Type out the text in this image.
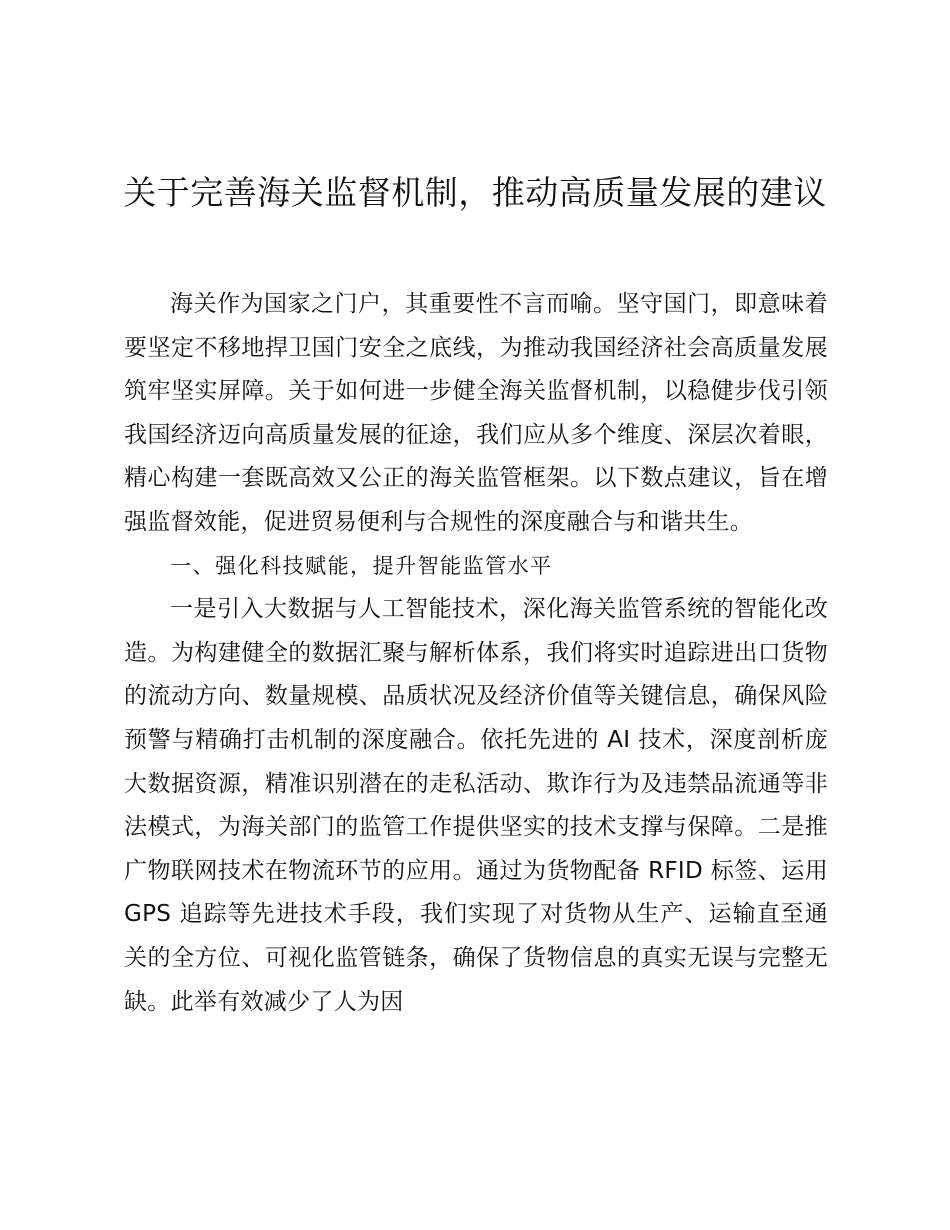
关于完善海关监督机制，推动高质量发展的建议

海关作为国家之门户，其重要性不言而喻。坚守国门，即意味着要坚定不移地捍卫国门安全之底线，为推动我国经济社会高质量发展筑牢坚实屏障。关于如何进一步健全海关监督机制，以稳健步伐引领我国经济迈向高质量发展的征途，我们应从多个维度、深层次着眼，精心构建一套既高效又公正的海关监管框架。以下数点建议，旨在增强监督效能，促进贸易便利与合规性的深度融合与和谐共生。

一、强化科技赋能，提升智能监管水平

一是引入大数据与人工智能技术，深化海关监管系统的智能化改造。为构建健全的数据汇聚与解析体系，我们将实时追踪进出口货物的流动方向、数量规模、品质状况及经济价值等关键信息，确保风险预警与精确打击机制的深度融合。依托先进的 AI 技术，深度剖析庞大数据资源，精准识别潜在的走私活动、欺诈行为及违禁品流通等非法模式，为海关部门的监管工作提供坚实的技术支撑与保障。二是推广物联网技术在物流环节的应用。通过为货物配备 RFID 标签、运用 GPS 追踪等先进技术手段，我们实现了对货物从生产、运输直至通关的全方位、可视化监管链条，确保了货物信息的真实无误与完整无缺。此举有效减少了人为因
